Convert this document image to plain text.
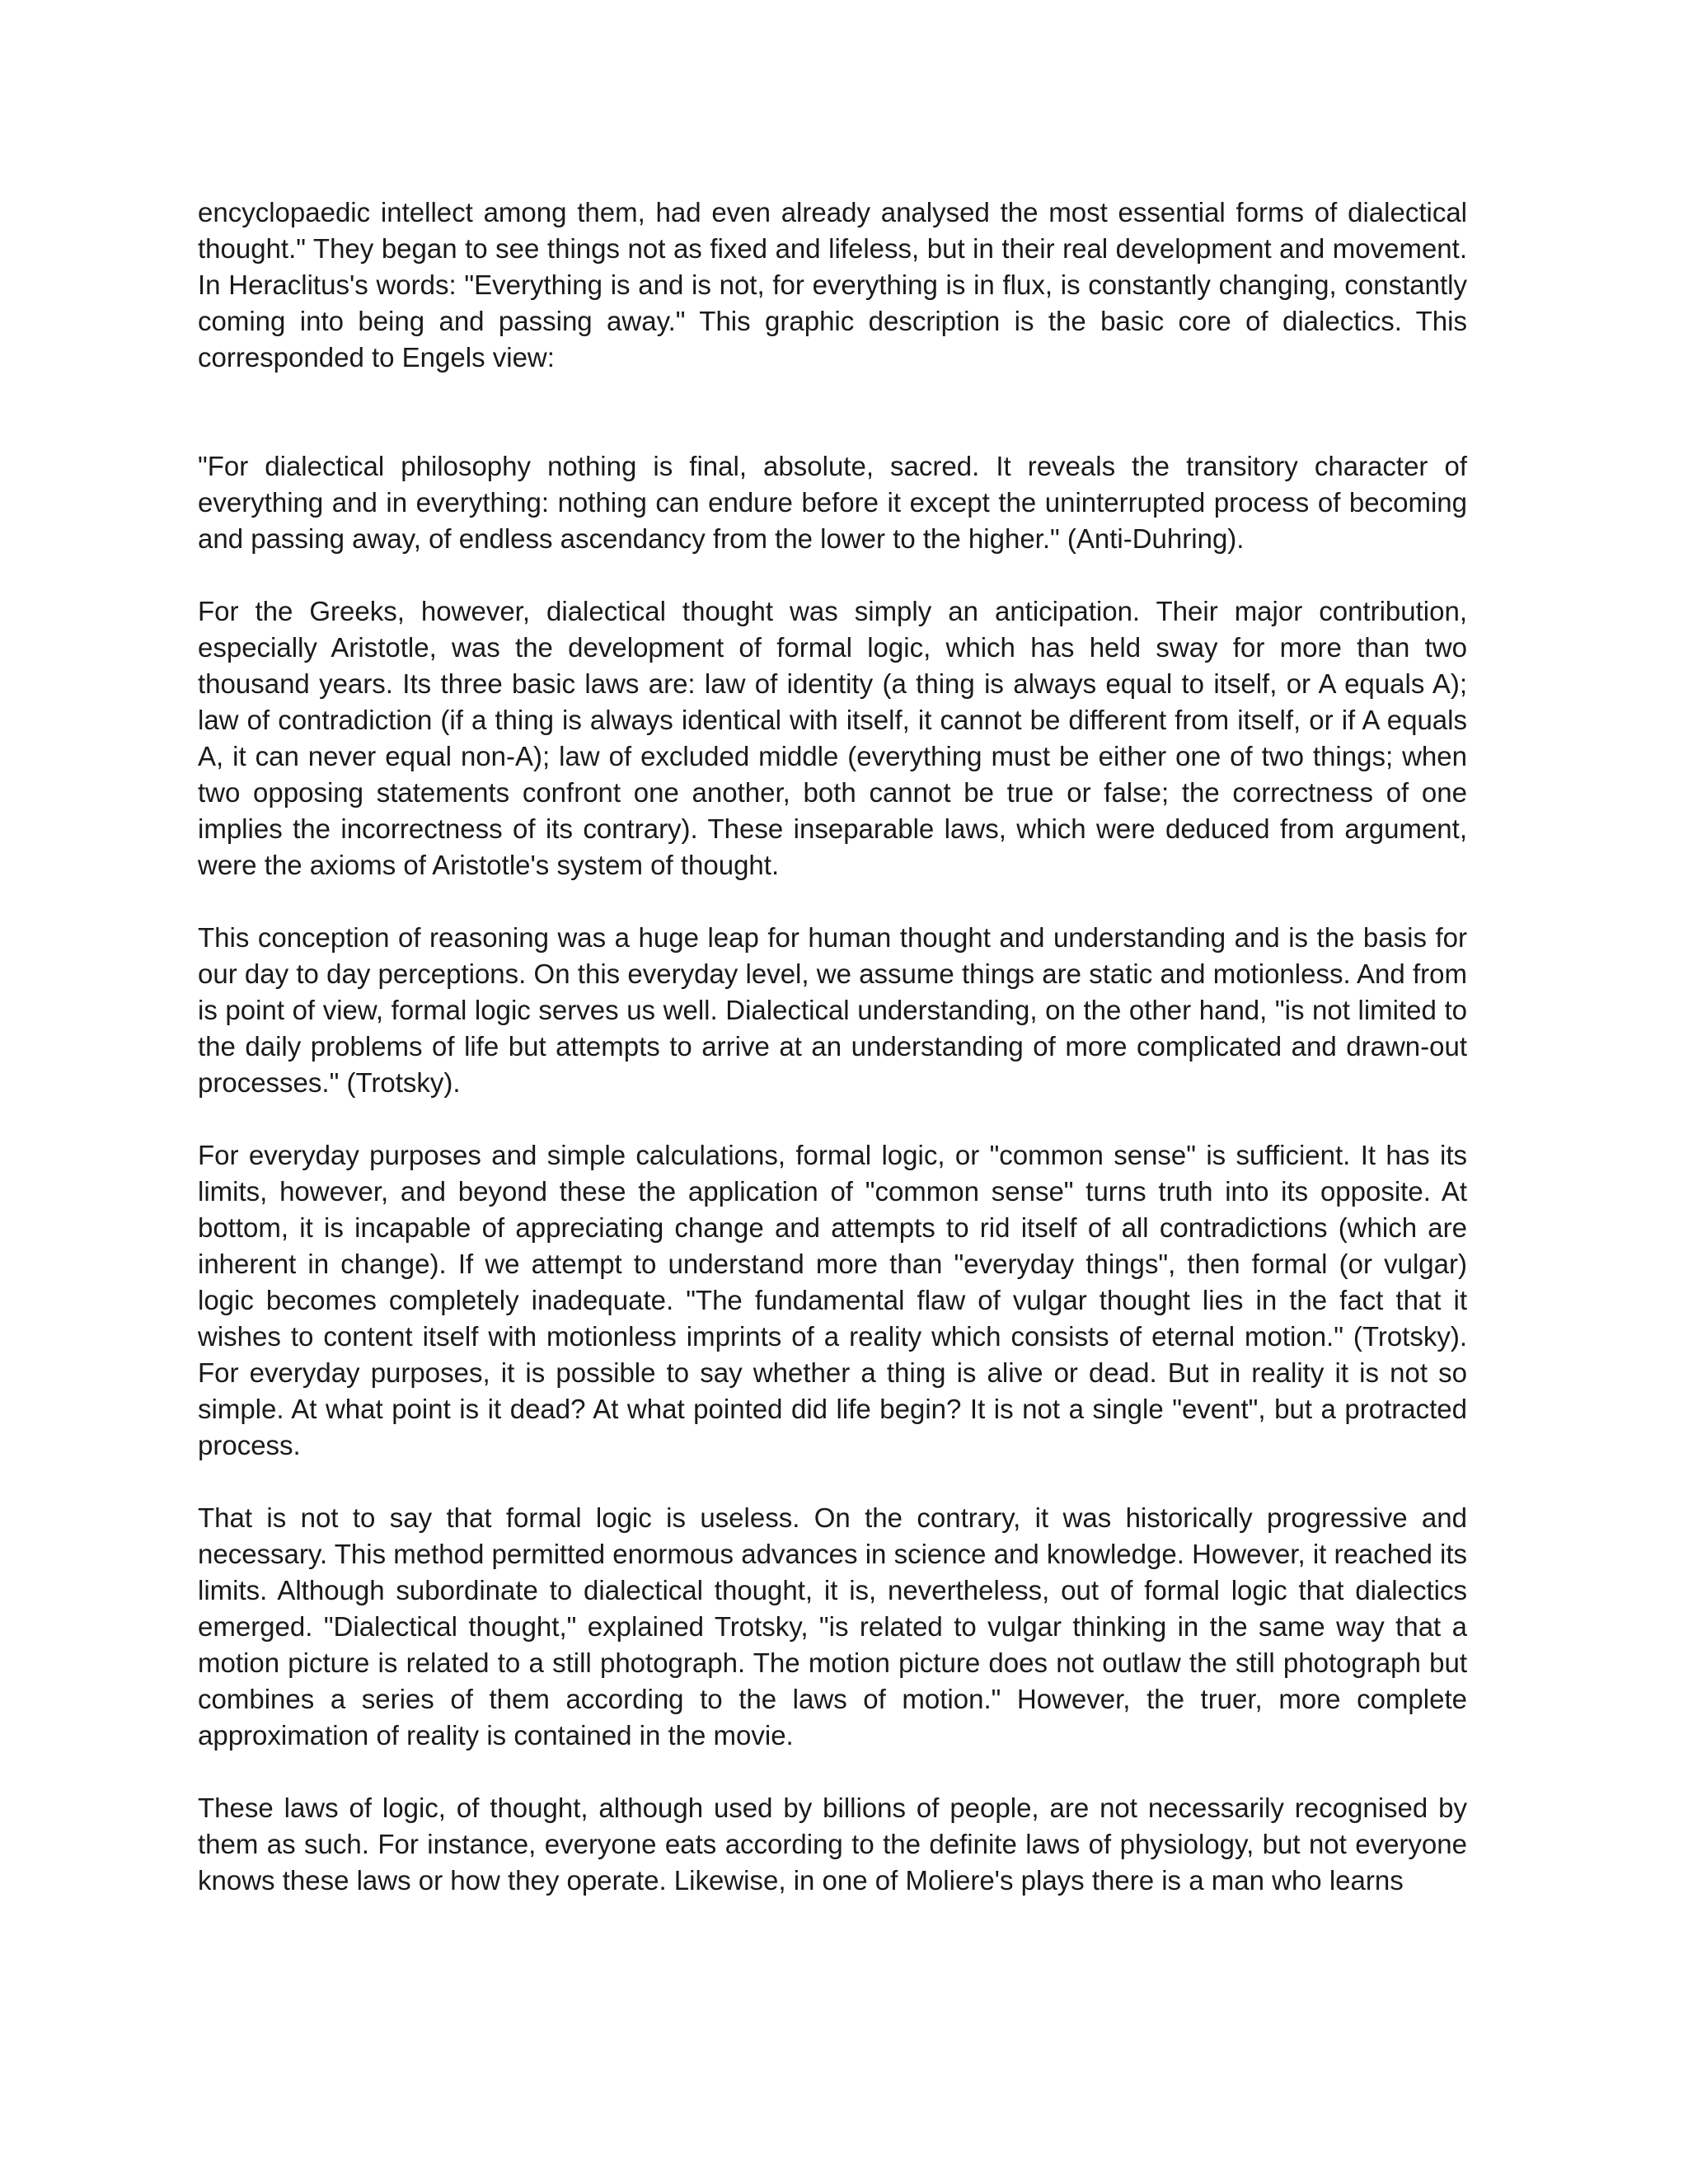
encyclopaedic intellect among them, had even already analysed the most essential forms of dialectical thought." They began to see things not as fixed and lifeless, but in their real development and movement. In Heraclitus's words: "Everything is and is not, for everything is in flux, is constantly changing, constantly coming into being and passing away." This graphic description is the basic core of dialectics. This corresponded to Engels view:

"For dialectical philosophy nothing is final, absolute, sacred. It reveals the transitory character of everything and in everything: nothing can endure before it except the uninterrupted process of becoming and passing away, of endless ascendancy from the lower to the higher." (Anti-Duhring).

For the Greeks, however, dialectical thought was simply an anticipation. Their major contribution, especially Aristotle, was the development of formal logic, which has held sway for more than two thousand years. Its three basic laws are: law of identity (a thing is always equal to itself, or A equals A); law of contradiction (if a thing is always identical with itself, it cannot be different from itself, or if A equals A, it can never equal non-A); law of excluded middle (everything must be either one of two things; when two opposing statements confront one another, both cannot be true or false; the correctness of one implies the incorrectness of its contrary). These inseparable laws, which were deduced from argument, were the axioms of Aristotle's system of thought.

This conception of reasoning was a huge leap for human thought and understanding and is the basis for our day to day perceptions. On this everyday level, we assume things are static and motionless. And from is point of view, formal logic serves us well. Dialectical understanding, on the other hand, "is not limited to the daily problems of life but attempts to arrive at an understanding of more complicated and drawn-out processes." (Trotsky).

For everyday purposes and simple calculations, formal logic, or "common sense" is sufficient. It has its limits, however, and beyond these the application of "common sense" turns truth into its opposite. At bottom, it is incapable of appreciating change and attempts to rid itself of all contradictions (which are inherent in change). If we attempt to understand more than "everyday things", then formal (or vulgar) logic becomes completely inadequate. "The fundamental flaw of vulgar thought lies in the fact that it wishes to content itself with motionless imprints of a reality which consists of eternal motion." (Trotsky). For everyday purposes, it is possible to say whether a thing is alive or dead. But in reality it is not so simple. At what point is it dead? At what pointed did life begin? It is not a single "event", but a protracted process.

That is not to say that formal logic is useless. On the contrary, it was historically progressive and necessary. This method permitted enormous advances in science and knowledge. However, it reached its limits. Although subordinate to dialectical thought, it is, nevertheless, out of formal logic that dialectics emerged. "Dialectical thought," explained Trotsky, "is related to vulgar thinking in the same way that a motion picture is related to a still photograph. The motion picture does not outlaw the still photograph but combines a series of them according to the laws of motion." However, the truer, more complete approximation of reality is contained in the movie.

These laws of logic, of thought, although used by billions of people, are not necessarily recognised by them as such. For instance, everyone eats according to the definite laws of physiology, but not everyone knows these laws or how they operate. Likewise, in one of Moliere's plays there is a man who learns
